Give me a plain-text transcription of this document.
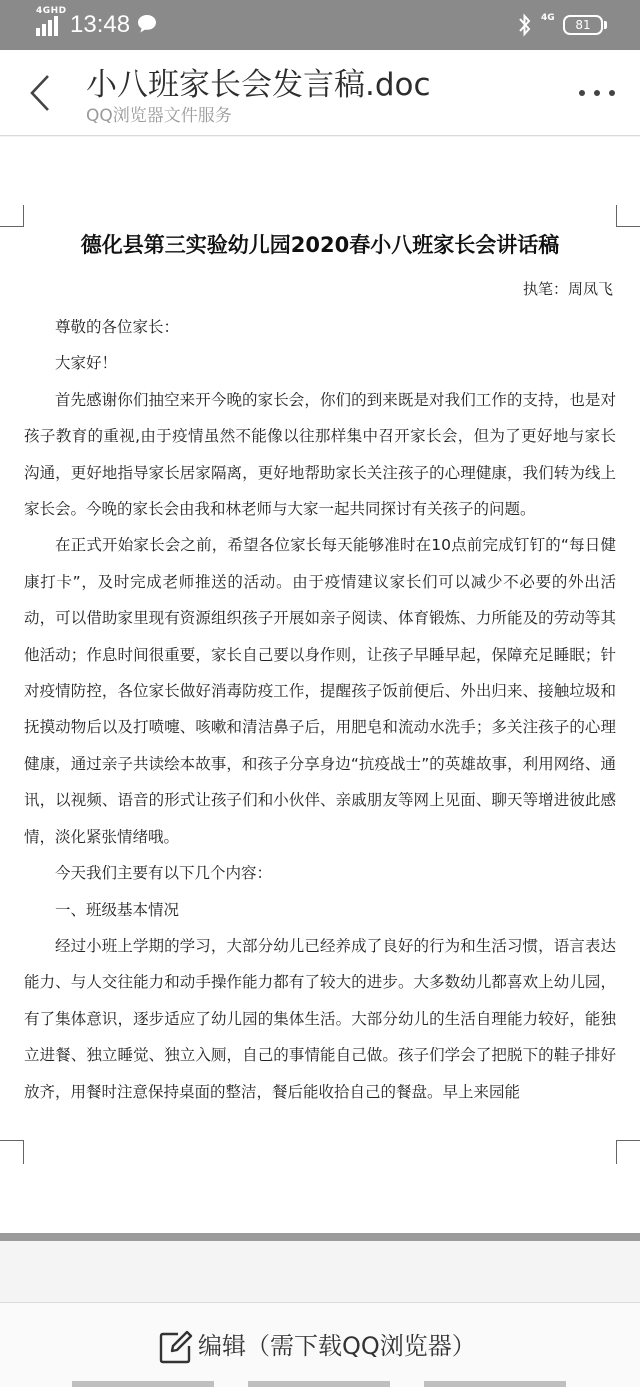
4GHD 13:48	4G	81
小八班家长会发言稿.doc
QQ浏览器文件服务
德化县第三实验幼儿园2020春小八班家长会讲话稿
执笔：周凤飞

尊敬的各位家长：

大家好！

首先感谢你们抽空来开今晚的家长会，你们的到来既是对我们工作的支持，也是对孩子教育的重视,由于疫情虽然不能像以往那样集中召开家长会，但为了更好地与家长沟通，更好地指导家长居家隔离，更好地帮助家长关注孩子的心理健康，我们转为线上家长会。今晚的家长会由我和林老师与大家一起共同探讨有关孩子的问题。

在正式开始家长会之前，希望各位家长每天能够准时在10点前完成钉钉的“每日健康打卡”，及时完成老师推送的活动。由于疫情建议家长们可以减少不必要的外出活动，可以借助家里现有资源组织孩子开展如亲子阅读、体育锻炼、力所能及的劳动等其他活动；作息时间很重要，家长自己要以身作则，让孩子早睡早起，保障充足睡眠；针对疫情防控，各位家长做好消毒防疫工作，提醒孩子饭前便后、外出归来、接触垃圾和抚摸动物后以及打喷嚏、咳嗽和清洁鼻子后，用肥皂和流动水洗手；多关注孩子的心理健康，通过亲子共读绘本故事，和孩子分享身边“抗疫战士”的英雄故事，利用网络、通讯，以视频、语音的形式让孩子们和小伙伴、亲戚朋友等网上见面、聊天等增进彼此感情，淡化紧张情绪哦。

今天我们主要有以下几个内容：

一、班级基本情况

经过小班上学期的学习，大部分幼儿已经养成了良好的行为和生活习惯，语言表达能力、与人交往能力和动手操作能力都有了较大的进步。大多数幼儿都喜欢上幼儿园，有了集体意识，逐步适应了幼儿园的集体生活。大部分幼儿的生活自理能力较好，能独立进餐、独立睡觉、独立入厕，自己的事情能自己做。孩子们学会了把脱下的鞋子排好放齐，用餐时注意保持桌面的整洁，餐后能收拾自己的餐盘。早上来园能

编辑（需下载QQ浏览器）
